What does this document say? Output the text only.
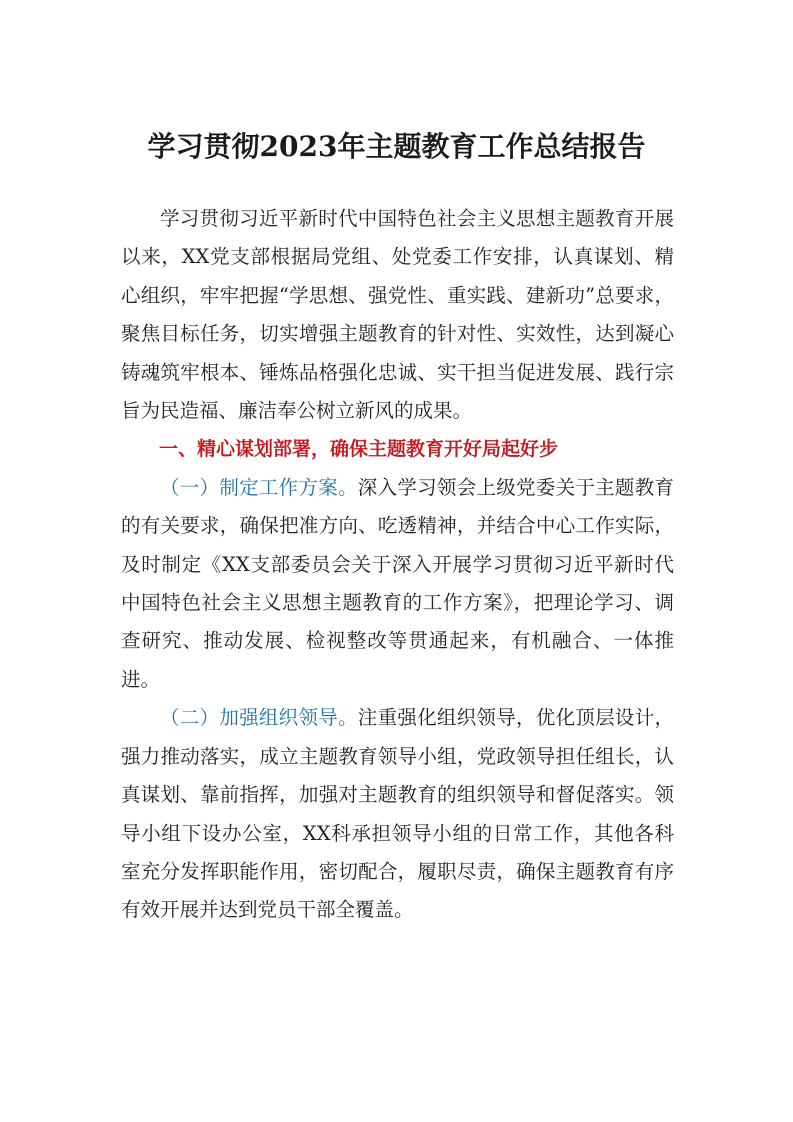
学习贯彻2023年主题教育工作总结报告

学习贯彻习近平新时代中国特色社会主义思想主题教育开展以来，XX党支部根据局党组、处党委工作安排，认真谋划、精心组织，牢牢把握“学思想、强党性、重实践、建新功”总要求，聚焦目标任务，切实增强主题教育的针对性、实效性，达到凝心铸魂筑牢根本、锤炼品格强化忠诚、实干担当促进发展、践行宗旨为民造福、廉洁奉公树立新风的成果。

一、精心谋划部署，确保主题教育开好局起好步

（一）制定工作方案。深入学习领会上级党委关于主题教育的有关要求，确保把准方向、吃透精神，并结合中心工作实际，及时制定《XX支部委员会关于深入开展学习贯彻习近平新时代中国特色社会主义思想主题教育的工作方案》，把理论学习、调查研究、推动发展、检视整改等贯通起来，有机融合、一体推进。

（二）加强组织领导。注重强化组织领导，优化顶层设计，强力推动落实，成立主题教育领导小组，党政领导担任组长，认真谋划、靠前指挥，加强对主题教育的组织领导和督促落实。领导小组下设办公室，XX科承担领导小组的日常工作，其他各科室充分发挥职能作用，密切配合，履职尽责，确保主题教育有序有效开展并达到党员干部全覆盖。
